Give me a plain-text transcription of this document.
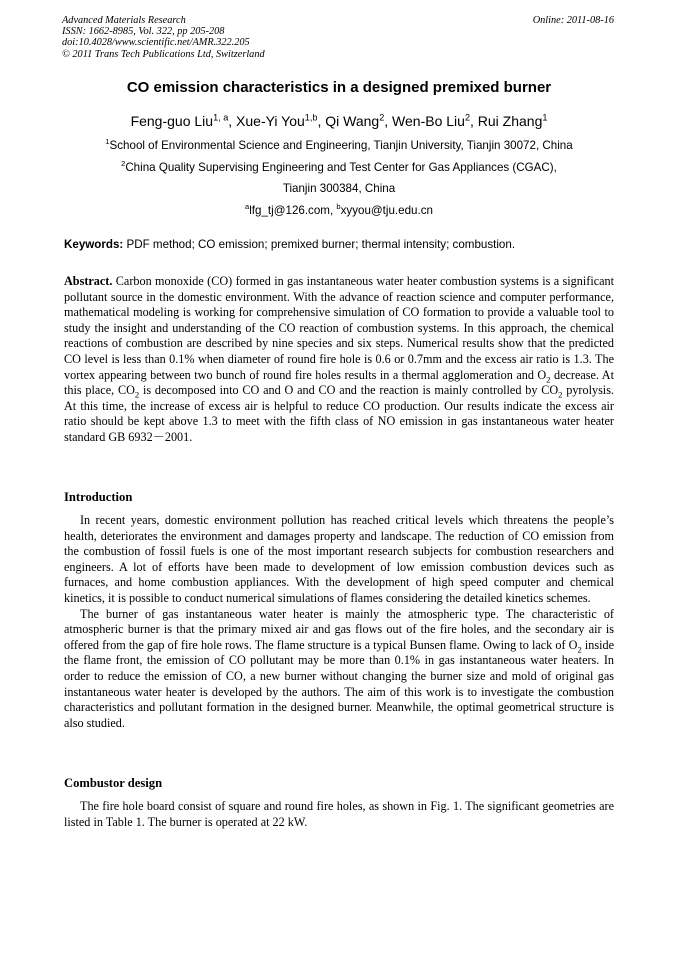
Advanced Materials Research
ISSN: 1662-8985, Vol. 322, pp 205-208
doi:10.4028/www.scientific.net/AMR.322.205
© 2011 Trans Tech Publications Ltd, Switzerland
Online: 2011-08-16
CO emission characteristics in a designed premixed burner
Feng-guo Liu$^{1, a}$, Xue-Yi You$^{1,b}$, Qi Wang$^2$, Wen-Bo Liu$^2$, Rui Zhang$^1$
$^1$School of Environmental Science and Engineering, Tianjin University, Tianjin 30072, China
$^2$China Quality Supervising Engineering and Test Center for Gas Appliances (CGAC),
Tianjin 300384, China
$^a$lfg_tj@126.com, $^b$xyyou@tju.edu.cn
Keywords: PDF method; CO emission; premixed burner; thermal intensity; combustion.

Abstract. Carbon monoxide (CO) formed in gas instantaneous water heater combustion systems is a significant pollutant source in the domestic environment. With the advance of reaction science and computer performance, mathematical modeling is working for comprehensive simulation of CO formation to provide a valuable tool to study the insight and understanding of the CO reaction of combustion systems. In this approach, the chemical reactions of combustion are described by nine species and six steps. Numerical results show that the predicted CO level is less than 0.1% when diameter of round fire hole is 0.6 or 0.7mm and the excess air ratio is 1.3. The vortex appearing between two bunch of round fire holes results in a thermal agglomeration and $O_2$ decrease. At this place, $CO_2$ is decomposed into CO and O and CO and the reaction is mainly controlled by $CO_2$ pyrolysis. At this time, the increase of excess air is helpful to reduce CO production. Our results indicate the excess air ratio should be kept above 1.3 to meet with the fifth class of NO emission in gas instantaneous water heater standard GB 6932－2001.

Introduction

In recent years, domestic environment pollution has reached critical levels which threatens the people’s health, deteriorates the environment and damages property and landscape. The reduction of CO emission from the combustion of fossil fuels is one of the most important research subjects for combustion researchers and engineers. A lot of efforts have been made to development of low emission combustion devices such as furnaces, and home combustion appliances. With the development of high speed computer and chemical kinetics, it is possible to conduct numerical simulations of flames considering the detailed kinetics schemes.

The burner of gas instantaneous water heater is mainly the atmospheric type. The characteristic of atmospheric burner is that the primary mixed air and gas flows out of the fire holes, and the secondary air is offered from the gap of fire hole rows. The flame structure is a typical Bunsen flame. Owing to lack of $O_2$ inside the flame front, the emission of CO pollutant may be more than 0.1% in gas instantaneous water heaters. In order to reduce the emission of CO, a new burner without changing the burner size and mold of original gas instantaneous water heater is developed by the authors. The aim of this work is to investigate the combustion characteristics and pollutant formation in the designed burner. Meanwhile, the optimal geometrical structure is also studied.

Combustor design

The fire hole board consist of square and round fire holes, as shown in Fig. 1. The significant geometries are listed in Table 1. The burner is operated at 22 kW.
